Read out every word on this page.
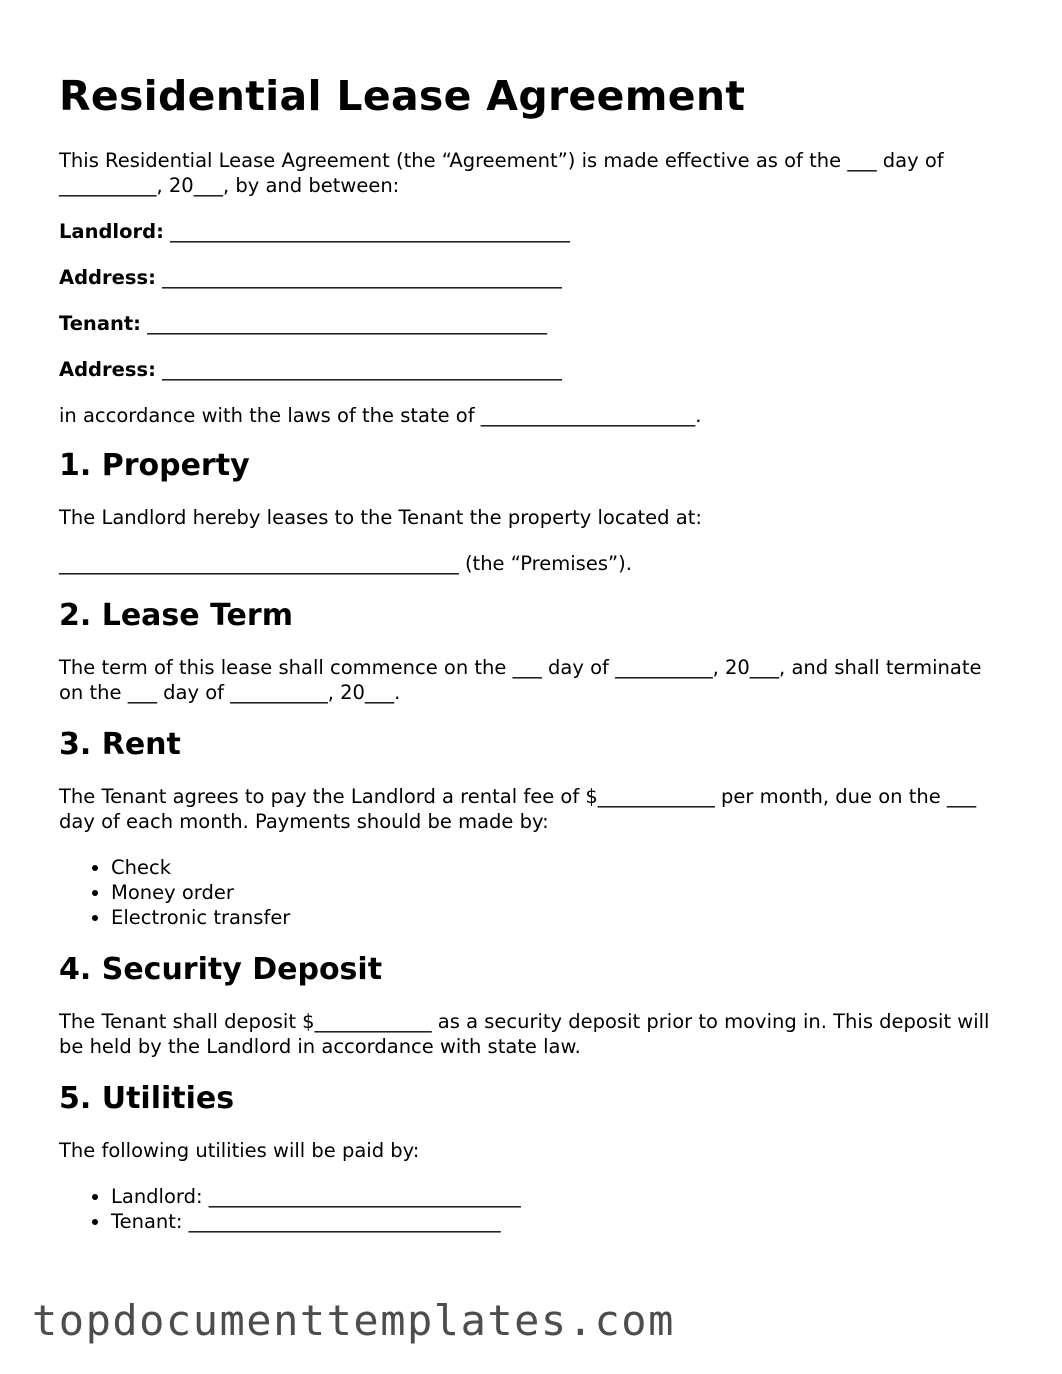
Residential Lease Agreement

This Residential Lease Agreement (the “Agreement”) is made effective as of the ___ day of __________, 20___, by and between:

Landlord: _________________________________________

Address: _________________________________________

Tenant: _________________________________________

Address: _________________________________________

in accordance with the laws of the state of ______________________.

1. Property

The Landlord hereby leases to the Tenant the property located at:

_________________________________________ (the “Premises”).

2. Lease Term

The term of this lease shall commence on the ___ day of __________, 20___, and shall terminate on the ___ day of __________, 20___.

3. Rent

The Tenant agrees to pay the Landlord a rental fee of $____________ per month, due on the ___ day of each month. Payments should be made by:

• Check
• Money order
• Electronic transfer
4. Security Deposit

The Tenant shall deposit $____________ as a security deposit prior to moving in. This deposit will be held by the Landlord in accordance with state law.

5. Utilities

The following utilities will be paid by:

• Landlord: ________________________________
• Tenant: ________________________________
topdocumenttemplates.com
